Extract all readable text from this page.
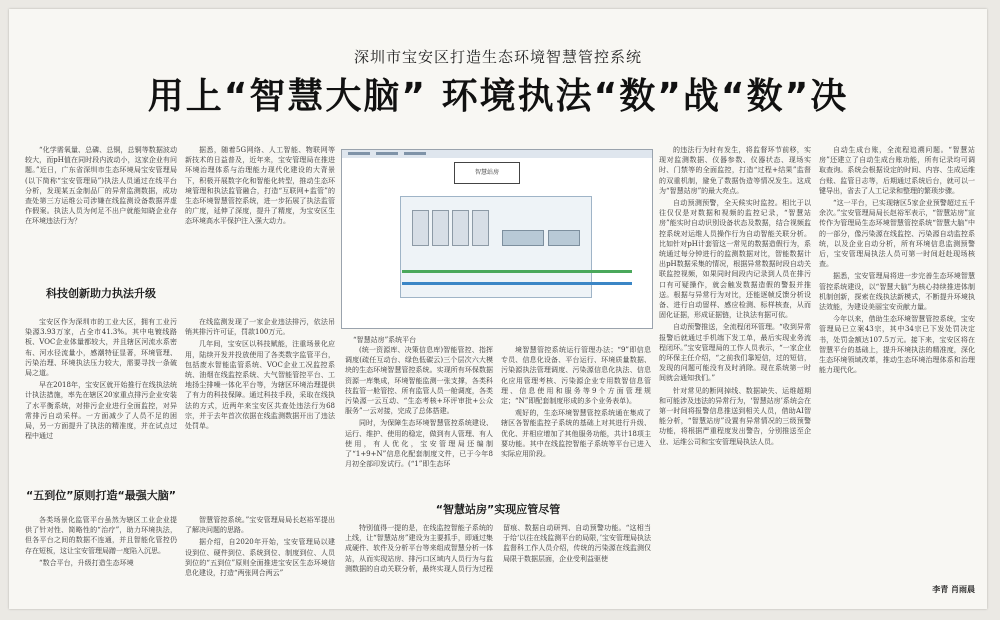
深圳市宝安区打造生态环境智慧管控系统
用上“智慧大脑” 环境执法“数”战“数”决

“化学需氧量、总磷、总铜，总铜等数据波动较大，而pH值在同时段内波动小，这家企业有问题。”近日，广东省深圳市生态环境局宝安管理局(以下简称“宝安管理局”)执法人员通过在线平台分析，发现某五金制品厂的异常监测数据，成功查处第三方运维公司涉嫌在线监测设备数据弄虚作假案。执法人员为何足不出户就能知晓企业存在环境违法行为？

科技创新助力执法升级

宝安区作为深圳市的工业大区，拥有工业污染源3.93万家，占全市41.3%。其中电镀线路板、VOC企业体量都较大，并且辖区河流水系密布、河水径流量小，感潮特征显著，环境管理、污染治理、环境执法压力较大，需要寻找一条破局之道。

早在2018年，宝安区就开始推行在线执法统计执法措施，率先在辖区20家重点排污企业安装了水平衡系统，对排污企业进行全面监控，对异常排污自动采样。一方面减少了人员不足的困局，另一方面提升了执法的精准度，并在试点过程中通过

“五到位”原则打造“最强大脑”

各类场景化监管平台虽然为辖区工业企业提供了针对性、简略性的“治疗”，助力环境执法，但各平台之间的数据不连通，并且智能化管控仍存在短板，这让宝安管理局蹭一度陷入沉思。

“数合平台，升级打造生态环境

据悉，随着5G网络、人工智能、物联网等新技术的日益普及，近年来，宝安管理局在推进环境治理体系与治理能力现代化建设的大背景下，积极开展数字化和智能化转型，推动生态环境管理和执法监管融合，打造“互联网+监管”的生态环境智慧管控系统，进一步拓展了执法监管的广度，延伸了深度，提升了精度，为宝安区生态环境高水平保护注入强大动力。

在线监测发现了一家企业违法排污，依法吊销其排污许可证，罚款100万元。

几年间，宝安区以科技赋能，注重场景化应用，陆续开发并投放使用了各类数字监管平台，包括废水智能监管系统、VOC企业工况监控系统、油烟在线监控系统、大气智能管控平台、工地扬尘排噪一体化平台等，为辖区环境治理提供了有力的科技保障。通过科技手段，采取在线执法的方式，近两年来宝安区共查处违法行为68宗，并于去年首次依据在线监测数据开出了违法处罚单。

智慧管控系统。”宝安管理局局长赵裕军提出了解决问题的思路。

据介绍，自2020年开始，宝安管理局以建设到位、硬件到位、系统到位、制度到位、人员到位的“五到位”原则全面推进宝安区生态环境信息化建设，打造“两张网合两云”

智慧站房
“智慧站房”系统平台

(统一资源库、决策信息库)智能管控、指挥调度(疏任互动台、绿色低碳云)三个层次六大模块的生态环境智慧管控系统。实现所有环保数据资源一库集成，环境智能监测一张支撑，各类科技监管一舱管控、所有监管人员一舱调度，各类污染源一云互动、“生态考核+环评审批+公众服务”一云对接，完成了总体搭建。

同时，为保障生态环境智慧管控系统建设、运行、维护、使用的稳定，做到有人管理、有人使用，有人优化，宝安管理局还编制了“1+9+N”信息化配套制度文件，已于今年8月初全部印发试行。(“1”即生态环

境智慧管控系统运行管理办法；“9”即信息专员、信息化设备、平台运行、环境质量数据、污染源执法管理调度、污染源信息化执法、信息化应用管理考核、污染源企业专用数智信息管理、信息使用和服务等9个方面管理规定；“N”即配套制度形成的多个业务表单)。

观好的，生态环境智慧管控系统通在集成了辖区各智能监控子系统的基础上对其进行升级、优化、并相应增加了其他服务功能，共计18项主要功能。其中在线监控智能子系统等平台已进入实际应用阶段。

“智慧站房”实现应管尽管

特别值得一提的是，在线监控智能子系统的上线，让“智慧站房”建设为主要抓手，即通过集成硬件、软件及分析平台等来组成智慧分析一体站，从而实现站房、排污口区域内人员行为与监测数据的自动关联分析，最终实现人员行为过程留痕、数据自动研判、自动预警功能。“这相当于给‘以往在线监测平台的局限，’宝安管理局执法监督科工作人员介绍，传统的污染源在线监测仅局限于数据层面，企业受利益驱使

的违法行为时有发生，将监督环节前移，实现对监测数据、仪器参数、仪器状态、现场实时、门禁等的全面监控，打造“过程+结果”监督的双重机制，避免了数据伪造等情况发生。这成为“智慧站房”的最大亮点。

自动预测预警，全天候实时监控。相比于以往仅仅是对数据和视频的监控记录，“智慧站房”能实时自动识别设备状态及数据，结合视频监控系统对运维人员操作行为自动智能关联分析。比如针对pH计套管这一常见的数据造假行为，系统通过每分钟进行的监测数据对比，智能数据计出pH数据采集的情况，根据异常数据时段自动关联监控视频，如果同时间段内记录到人员在排污口有可疑操作，就会触发数据造假的警报并推送。根据与异常行为对比，还能逐帧反馈分析设备、进行自动留样、感应检测、标样核查，从而固化证据，形成证据链，让执法有据可依。

自动预警推送，全流程闭环管理。“收到异常报警后就通过手机端下发工单，最后实现业务流程闭环。”宝安管理局的工作人员表示，“一家企业的环保主任介绍，“之前我们靠短信，过的短信，发现的问题可能没有及时消除。现在系统第一时间就会通知我们。”

针对常见的断网掉线、数据缺失、运维超期和可能涉及违法的异常行为，‘智慧站房’系统会在第一时间将报警信息推送到相关人员，借助AI智能分析，“智慧站房”设置有异常情况的三级预警功能，将根据严重程度发出警告，分别推送至企业、运维公司和宝安管理局执法人员。

自动生成台账，全流程追溯问题。“智慧站房”还建立了自动生成台账功能，所有记录均可调取查询。系统会根据设定的时间、内容、生成运维台账、监管日志等，后期通过系统后台，就可以一键导出，省去了人工记录和整理的繁琐步骤。

“这一平台，已实现辖区5家企业预警超过五千余次。”宝安管理局局长赵裕军表示，“智慧站房”宣传作为管理局生态环境智慧管控系统“智慧大脑”中的一部分，像污染源在线监控、污染源自动监控系统，以及企业自动分析，所有环境信息监测预警后，宝安管理局执法人员可第一时间赶赴现场核查。

据悉，宝安管理局将进一步完善生态环境智慧管控系统建设，以“智慧大脑”为核心持续推进体制机制创新，探索在线执法新模式，不断提升环境执法效能，为建设美丽宝安贡献力量。

今年以来，借助生态环境智慧管控系统，宝安管理局已立案43宗，其中34宗已下发处罚决定书，处罚金额达107.5万元。接下来，宝安区将在智慧平台的基础上，提升环境执法的精准度，深化生态环境领域改革，推动生态环境治理体系和治理能力现代化。

李青 肖雨晨
